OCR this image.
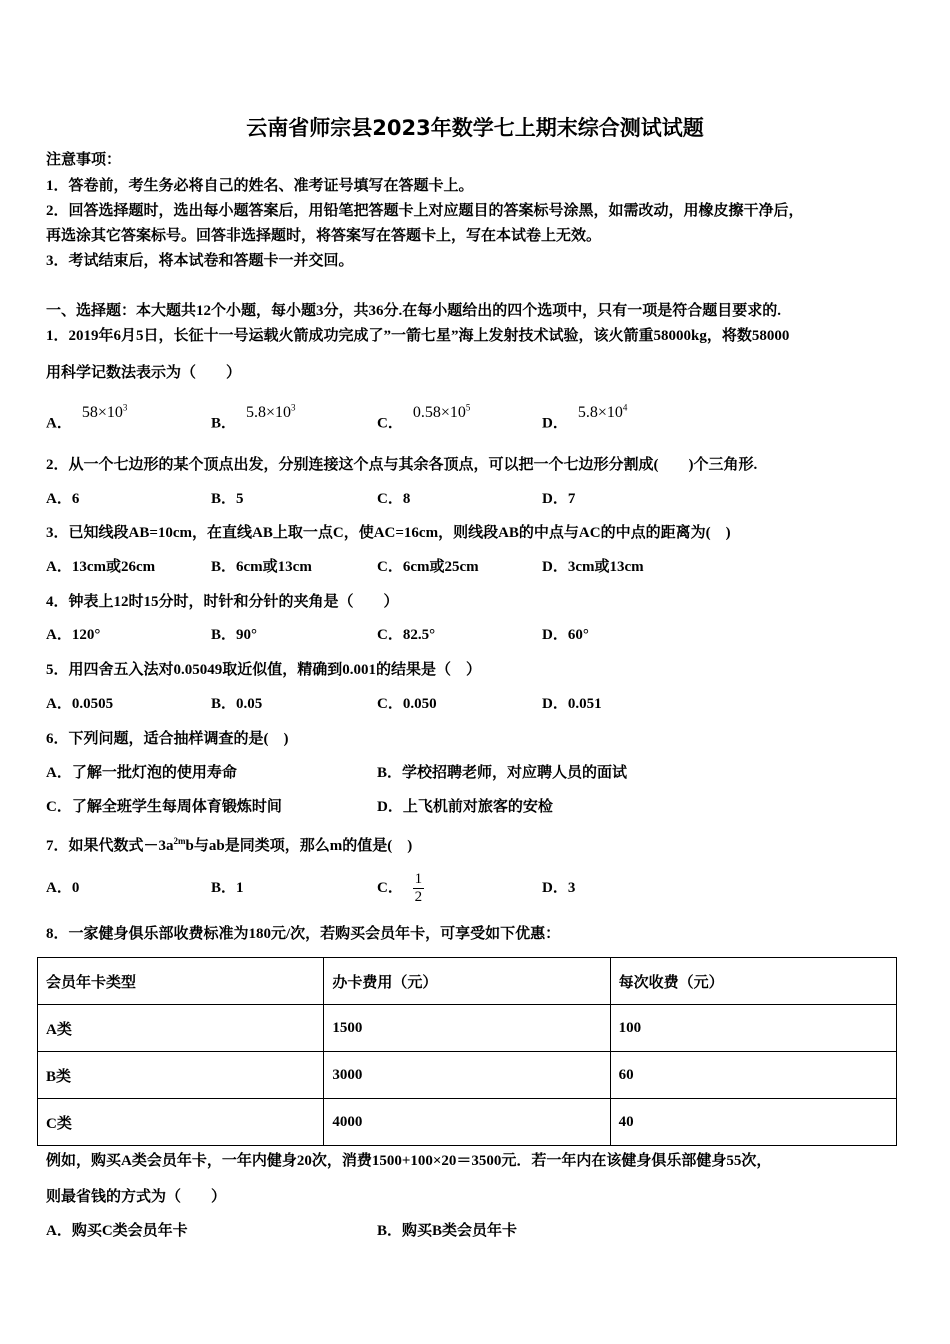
云南省师宗县2023年数学七上期末综合测试试题
注意事项：
1．答卷前，考生务必将自己的姓名、准考证号填写在答题卡上。
2．回答选择题时，选出每小题答案后，用铅笔把答题卡上对应题目的答案标号涂黑，如需改动，用橡皮擦干净后，
再选涂其它答案标号。回答非选择题时，将答案写在答题卡上，写在本试卷上无效。
3．考试结束后，将本试卷和答题卡一并交回。
一、选择题：本大题共12个小题，每小题3分，共36分.在每小题给出的四个选项中，只有一项是符合题目要求的.
1．2019年6月5日，长征十一号运载火箭成功完成了”一箭七星”海上发射技术试验，该火箭重58000kg，将数58000
用科学记数法表示为（　　）
A．$58\times 10^3$
B．$5.8\times 10^3$
C．$0.58\times 10^5$
D．$5.8\times 10^4$
2．从一个七边形的某个顶点出发，分别连接这个点与其余各顶点，可以把一个七边形分割成(　　)个三角形.
A．6	B．5	C．8	D．7
3．已知线段AB=10cm，在直线AB上取一点C，使AC=16cm，则线段AB的中点与AC的中点的距离为(　)
A．13cm或26cm	B．6cm或13cm	C．6cm或25cm	D．3cm或13cm
4．钟表上12时15分时，时针和分针的夹角是（　　）
A．120°	B．90°	C．82.5°	D．60°
5．用四舍五入法对0.05049取近似值，精确到0.001的结果是（　）
A．0.0505	B．0.05	C．0.050	D．0.051
6．下列问题，适合抽样调查的是(　)
A．了解一批灯泡的使用寿命	B．学校招聘老师，对应聘人员的面试
C．了解全班学生每周体育锻炼时间	D．上飞机前对旅客的安检
7．如果代数式$-3a^{2m}b$与ab是同类项，那么m的值是(　)
A．0	B．1	C． $\frac{1}{2}$	D．3
8．一家健身俱乐部收费标准为180元/次，若购买会员年卡，可享受如下优惠：
会员年卡类型	办卡费用（元）	每次收费（元）
A类	1500	100
B类	3000	60
C类	4000	40
例如，购买A类会员年卡，一年内健身20次，消费1500+100×20＝3500元．若一年内在该健身俱乐部健身55次，
则最省钱的方式为（　　）
A．购买C类会员年卡	B．购买B类会员年卡
